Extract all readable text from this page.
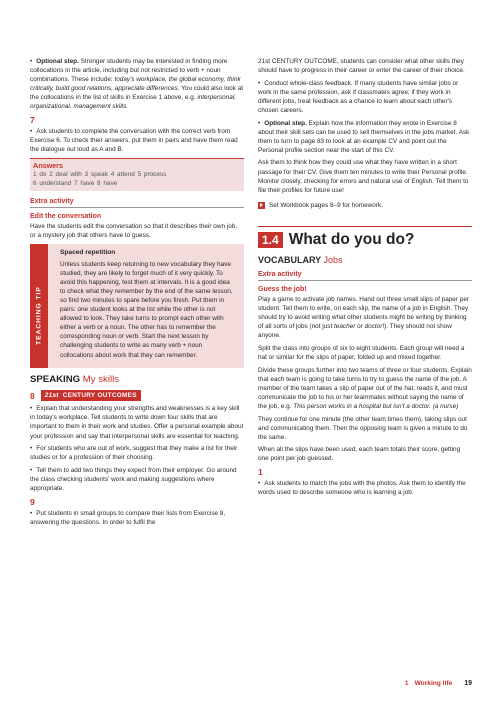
• Optional step. Stronger students may be interested in finding more collocations in the article, including but not restricted to verb + noun combinations. These include: today's workplace, the global economy, think critically, build good relations, appreciate differences. You could also look at the collocations in the list of skills in Exercise 1 above, e.g. interpersonal, organizational, management skills.

7

• Ask students to complete the conversation with the correct verb from Exercise 6. To check their answers, put them in pairs and have them read the dialogue out loud as A and B.

Answers
1 do 2 deal with 3 speak 4 attend 5 process
6 understand 7 have 8 have
Extra activity
Edit the conversation

Have the students edit the conversation so that it describes their own job, or a mystery job that others have to guess.

TEACHING TIP
Spaced repetition

Unless students keep returning to new vocabulary they have studied, they are likely to forget much of it very quickly. To avoid this happening, test them at intervals. It is a good idea to check what they remember by the end of the same lesson, so find two minutes to spare before you finish. Put them in pairs: one student looks at the list while the other is not allowed to look. They take turns to prompt each other with either a verb or a noun. The other has to remember the corresponding noun or verb. Start the next lesson by challenging students to write as many verb + noun collocations about work that they can remember.

SPEAKING My skills
8 21st CENTURY OUTCOMES

• Explain that understanding your strengths and weaknesses is a key skill in today's workplace. Tell students to write down four skills that are important to them in their work and studies. Offer a personal example about your profession and say that interpersonal skills are essential for teaching.

• For students who are out of work, suggest that they make a list for their studies or for a profession of their choosing.

• Tell them to add two things they expect from their employer. Go around the class checking students' work and making suggestions where appropriate.

9

• Put students in small groups to compare their lists from Exercise 8, answering the questions. In order to fulfil the

21st CENTURY OUTCOME, students can consider what other skills they should have to progress in their career or enter the career of their choice.

• Conduct whole-class feedback. If many students have similar jobs or work in the same profession, ask if classmates agree; if they work in different jobs, treat feedback as a chance to learn about each other's chosen careers.

• Optional step. Explain how the information they wrote in Exercise 8 about their skill sets can be used to sell themselves in the jobs market. Ask them to turn to page 83 to look at an example CV and point out the Personal profile section near the start of this CV.

Ask them to think how they could use what they have written in a short passage for their CV. Give them ten minutes to write their Personal profile. Monitor closely, checking for errors and natural use of English. Tell them to file their profiles for future use!

Set Workbook pages 8–9 for homework.
1.4 What do you do?
VOCABULARY Jobs
Extra activity
Guess the job!

Play a game to activate job names. Hand out three small slips of paper per student. Tell them to write, on each slip, the name of a job in English. They should try to avoid writing what other students might be writing by thinking of all sorts of jobs (not just teacher or doctor!). They should not show anyone.

Split the class into groups of six to eight students. Each group will need a hat or similar for the slips of paper, folded up and mixed together.

Divide these groups further into two teams of three or four students. Explain that each team is going to take turns to try to guess the name of the job. A member of the team takes a slip of paper out of the hat, reads it, and must communicate the job to his or her teammates without saying the name of the job, e.g. This person works in a hospital but isn't a doctor. (a nurse)

They continue for one minute (the other team times them), taking slips out and communicating them. Then the opposing team is given a minute to do the same.

When all the slips have been used, each team totals their score, getting one point per job guessed.

1

• Ask students to match the jobs with the photos. Ask them to identify the words used to describe someone who is learning a job.

1 Working life 19
